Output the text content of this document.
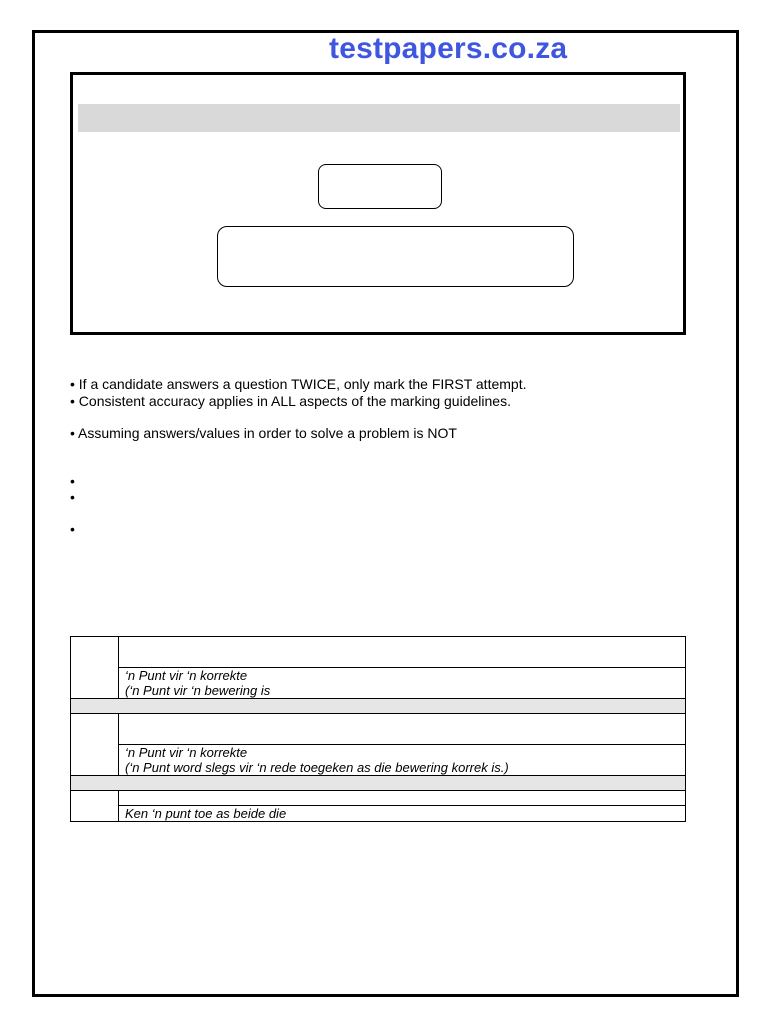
testpapers.co.za
• If a candidate answers a question TWICE, only mark the FIRST attempt.
• Consistent accuracy applies in ALL aspects of the marking guidelines.
• Assuming answers/values in order to solve a problem is NOT
•
•
•

	‘n Punt vir ‘n korrekte
(‘n Punt vir ‘n bewering is

	‘n Punt vir ‘n korrekte
(‘n Punt word slegs vir ‘n rede toegeken as die bewering korrek is.)

	Ken ‘n punt toe as beide die
